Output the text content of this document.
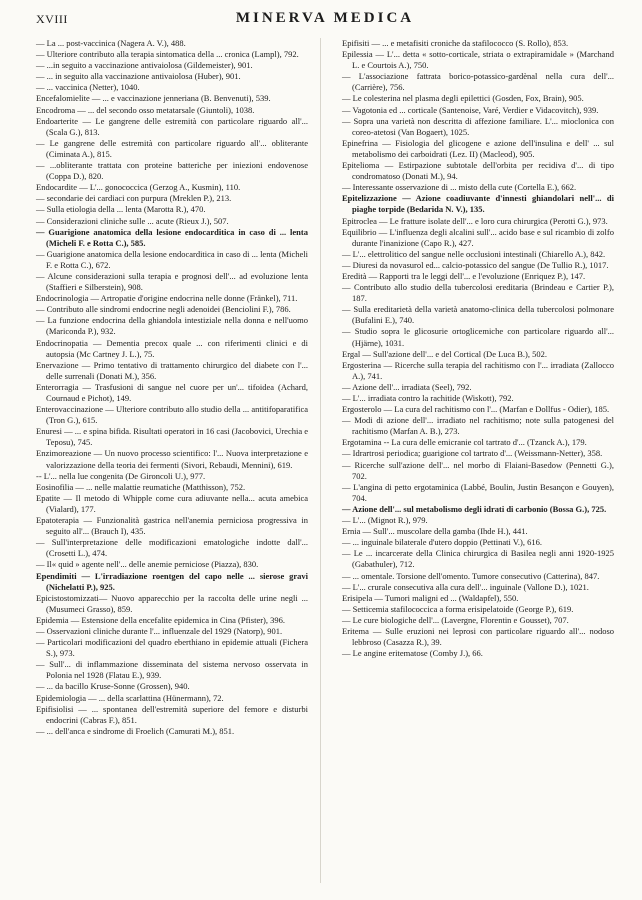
XVIII	MINERVA MEDICA

— La ... post-vaccinica (Nagera A. V.), 488.

— Ulteriore contributo alla terapia sintomatica della ... cronica (Lampl), 792.

— ...in seguito a vaccinazione antivaiolosa (Gildemeister), 901.

— ... in seguito alla vaccinazione antivaiolosa (Huber), 901.

— ... vaccinica (Netter), 1040.

Encefalomielite — ... e vaccinazione jenneriana (B. Benvenuti), 539.

Encodroma — ... del secondo osso metatarsale (Giuntoli), 1038.

Endoarterite — Le gangrene delle estremità con particolare riguardo all'... (Scala G.), 813.

— Le gangrene delle estremità con particolare riguardo all'... obliterante (Ciminata A.), 815.

— ...obliterante trattata con proteine batteriche per iniezioni endovenose (Coppa D.), 820.

Endocardite — L'... gonococcica (Gerzog A., Kusmin), 110.

— secondarie dei cardiaci con purpura (Mreklen P.), 213.

— Sulla etiologia della ... lenta (Marotta R.), 470.

— Considerazioni cliniche sulle ... acute (Rieux J.), 507.

— Guarigione anatomica della lesione endocarditica in caso di ... lenta (Micheli F. e Rotta C.), 585.

— Guarigione anatomica della lesione endocarditica in caso di ... lenta (Micheli F. e Rotta C.), 672.

— Alcune considerazioni sulla terapia e prognosi dell'... ad evoluzione lenta (Staffieri e Silberstein), 908.

Endocrinologia — Artropatie d'origine endocrina nelle donne (Fränkel), 711.

— Contributo alle sindromi endocrine negli adenoidei (Benciolini F.), 786.

— La funzione endocrina della ghiandola intestiziale nella donna e nell'uomo (Mariconda P.), 932.

Endocrinopatia — Dementia precox quale ... con riferimenti clinici e di autopsia (Mc Cartney J. L.), 75.

Enervazione — Primo tentativo di trattamento chirurgico del diabete con l'... delle surrenali (Donati M.), 356.

Enterorragia — Trasfusioni di sangue nel cuore per un'... tifoidea (Achard, Cournaud e Pichot), 149.

Enterovaccinazione — Ulteriore contributo allo studio della ... antitifoparatifica (Tron G.), 615.

Enuresi — ... e spina bifida. Risultati operatori in 16 casi (Jacobovici, Urechia e Teposu), 745.

Enzimoreazione — Un nuovo processo scientifico: l'... Nuova interpretazione e valorizzazione della teoria dei fermenti (Sivori, Rebaudi, Mennini), 619.

-- L'... nella lue congenita (De Gironcoli U.), 977.

Eosinofilia — ... nelle malattie reumatiche (Matthisson), 752.

Epatite — Il metodo di Whipple come cura adiuvante nella... acuta amebica (Vialard), 177.

Epatoterapia — Funzionalità gastrica nell'anemia perniciosa progressiva in seguito all'... (Brauch I), 435.

— Sull'interpretazione delle modificazioni ematologiche indotte dall'... (Crosetti L.), 474.

— Il« quid » agente nell'... delle anemie perniciose (Piazza), 830.

Ependimiti — L'irradiazione roentgen del capo nelle ... sierose gravi (Nichelatti P.), 925.

Epicistostomizzati— Nuovo apparecchio per la raccolta delle urine negli ... (Musumeci Grasso), 859.

Epidemia — Estensione della encefalite epidemica in Cina (Pfister), 396.

— Osservazioni cliniche durante l'... influenzale del 1929 (Natorp), 901.

— Particolari modificazioni del quadro eberthiano in epidemie attuali (Fichera S.), 973.

— Sull'... di inflammazione disseminata del sistema nervoso osservata in Polonia nel 1928 (Flatau E.), 939.

— ... da bacillo Kruse-Sonne (Grossen), 940.

Epidemiologia — ... della scarlattina (Hünermann), 72.

Epifisiolisi — ... spontanea dell'estremità superiore del femore e disturbi endocrini (Cabras F.), 851.

— ... dell'anca e sindrome di Froelich (Camurati M.), 851.

Epifisiti — ... e metafisiti croniche da stafilococco (S. Rollo), 853.

Epilessia — L'... detta « sotto-corticale, striata o extrapiramidale » (Marchand L. e Courtois A.), 750.

— L'associazione fattrata borico-potassico-gardènal nella cura dell'... (Carrière), 756.

— Le colesterina nel plasma degli epilettici (Gosden, Fox, Brain), 905.

— Vagotonia ed ... corticale (Santenoise, Varé, Verdier e Vidacovitch), 939.

— Sopra una varietà non descritta di affezione familiare. L'... mioclonica con coreo-atetosi (Van Bogaert), 1025.

Epinefrina — Fisiologia del glicogene e azione dell'insulina e dell' ... sul metabolismo dei carboidrati (Lez. II) (Macleod), 905.

Epitelioma — Estirpazione subtotale dell'orbita per recidiva d'... di tipo condromatoso (Donati M.), 94.

— Interessante osservazione di ... misto della cute (Cortella E.), 662.

Epitelizzazione — Azione coadiuvante d'innesti ghiandolari nell'... di piaghe torpide (Bedarida N. V.), 135.

Epitroclea — Le fratture isolate dell'... e loro cura chirurgica (Perotti G.), 973.

Equilibrio — L'influenza degli alcalini sull'... acido base e sul ricambio di zolfo durante l'inanizione (Capo R.), 427.

— L'... elettrolitico del sangue nelle occlusioni intestinali (Chiarello A.), 842.

— Diuresi da novasurol ed... calcio-potassico del sangue (De Tullio R.), 1017.

Eredità — Rapporti tra le leggi dell'... e l'evoluzione (Enriquez P.), 147.

— Contributo allo studio della tubercolosi ereditaria (Brindeau e Cartier P.), 187.

— Sulla ereditarietà della varietà anatomo-clinica della tubercolosi polmonare (Bufalini E.), 740.

— Studio sopra le glicosurie ortoglicemiche con particolare riguardo all'... (Hjärne), 1031.

Ergal — Sull'azione dell'... e del Cortical (De Luca B.), 502.

Ergosterina — Ricerche sulla terapia del rachitismo con l'... irradiata (Zallocco A.), 741.

— Azione dell'... irradiata (Seel), 792.

— L'... irradiata contro la rachitide (Wiskott), 792.

Ergosterolo — La cura del rachitismo con l'... (Marfan e Dollfus - Odier), 185.

— Modi di azione dell'... irradiato nel rachitismo; note sulla patogenesi del rachitismo (Marfan A. B.), 273.

Ergotamina -- La cura delle emicranie col tartrato d'... (Tzanck A.), 179.

— Idrartrosi periodica; guarigione col tartrato d'... (Weissmann-Netter), 358.

— Ricerche sull'azione dell'... nel morbo di Flaiani-Basedow (Pennetti G.), 702.

— L'angina di petto ergotaminica (Labbé, Boulin, Justin Besançon e Gouyen), 704.

— Azione dell'... sul metabolismo degli idrati di carbonio (Bossa G.), 725.

— L'... (Mignot R.), 979.

Ernia — Sull'... muscolare della gamba (Ihde H.), 441.

— ... inguinale bilaterale d'utero doppio (Pettinati V.), 616.

— Le ... incarcerate della Clinica chirurgica di Basilea negli anni 1920-1925 (Gabathuler), 712.

— ... omentale. Torsione dell'omento. Tumore consecutivo (Catterina), 847.

— L'... crurale consecutiva alla cura dell'... inguinale (Vallone D.), 1021.

Erisipela — Tumori maligni ed ... (Waldapfel), 550.

— Setticemia stafilococcica a forma erisipelatoide (George P.), 619.

— Le cure biologiche dell'... (Lavergne, Florentin e Gousset), 707.

Eritema — Sulle eruzioni nei leprosi con particolare riguardo all'... nodoso lebbroso (Casazza R.), 39.

— Le angine eritematose (Comby J.), 66.
